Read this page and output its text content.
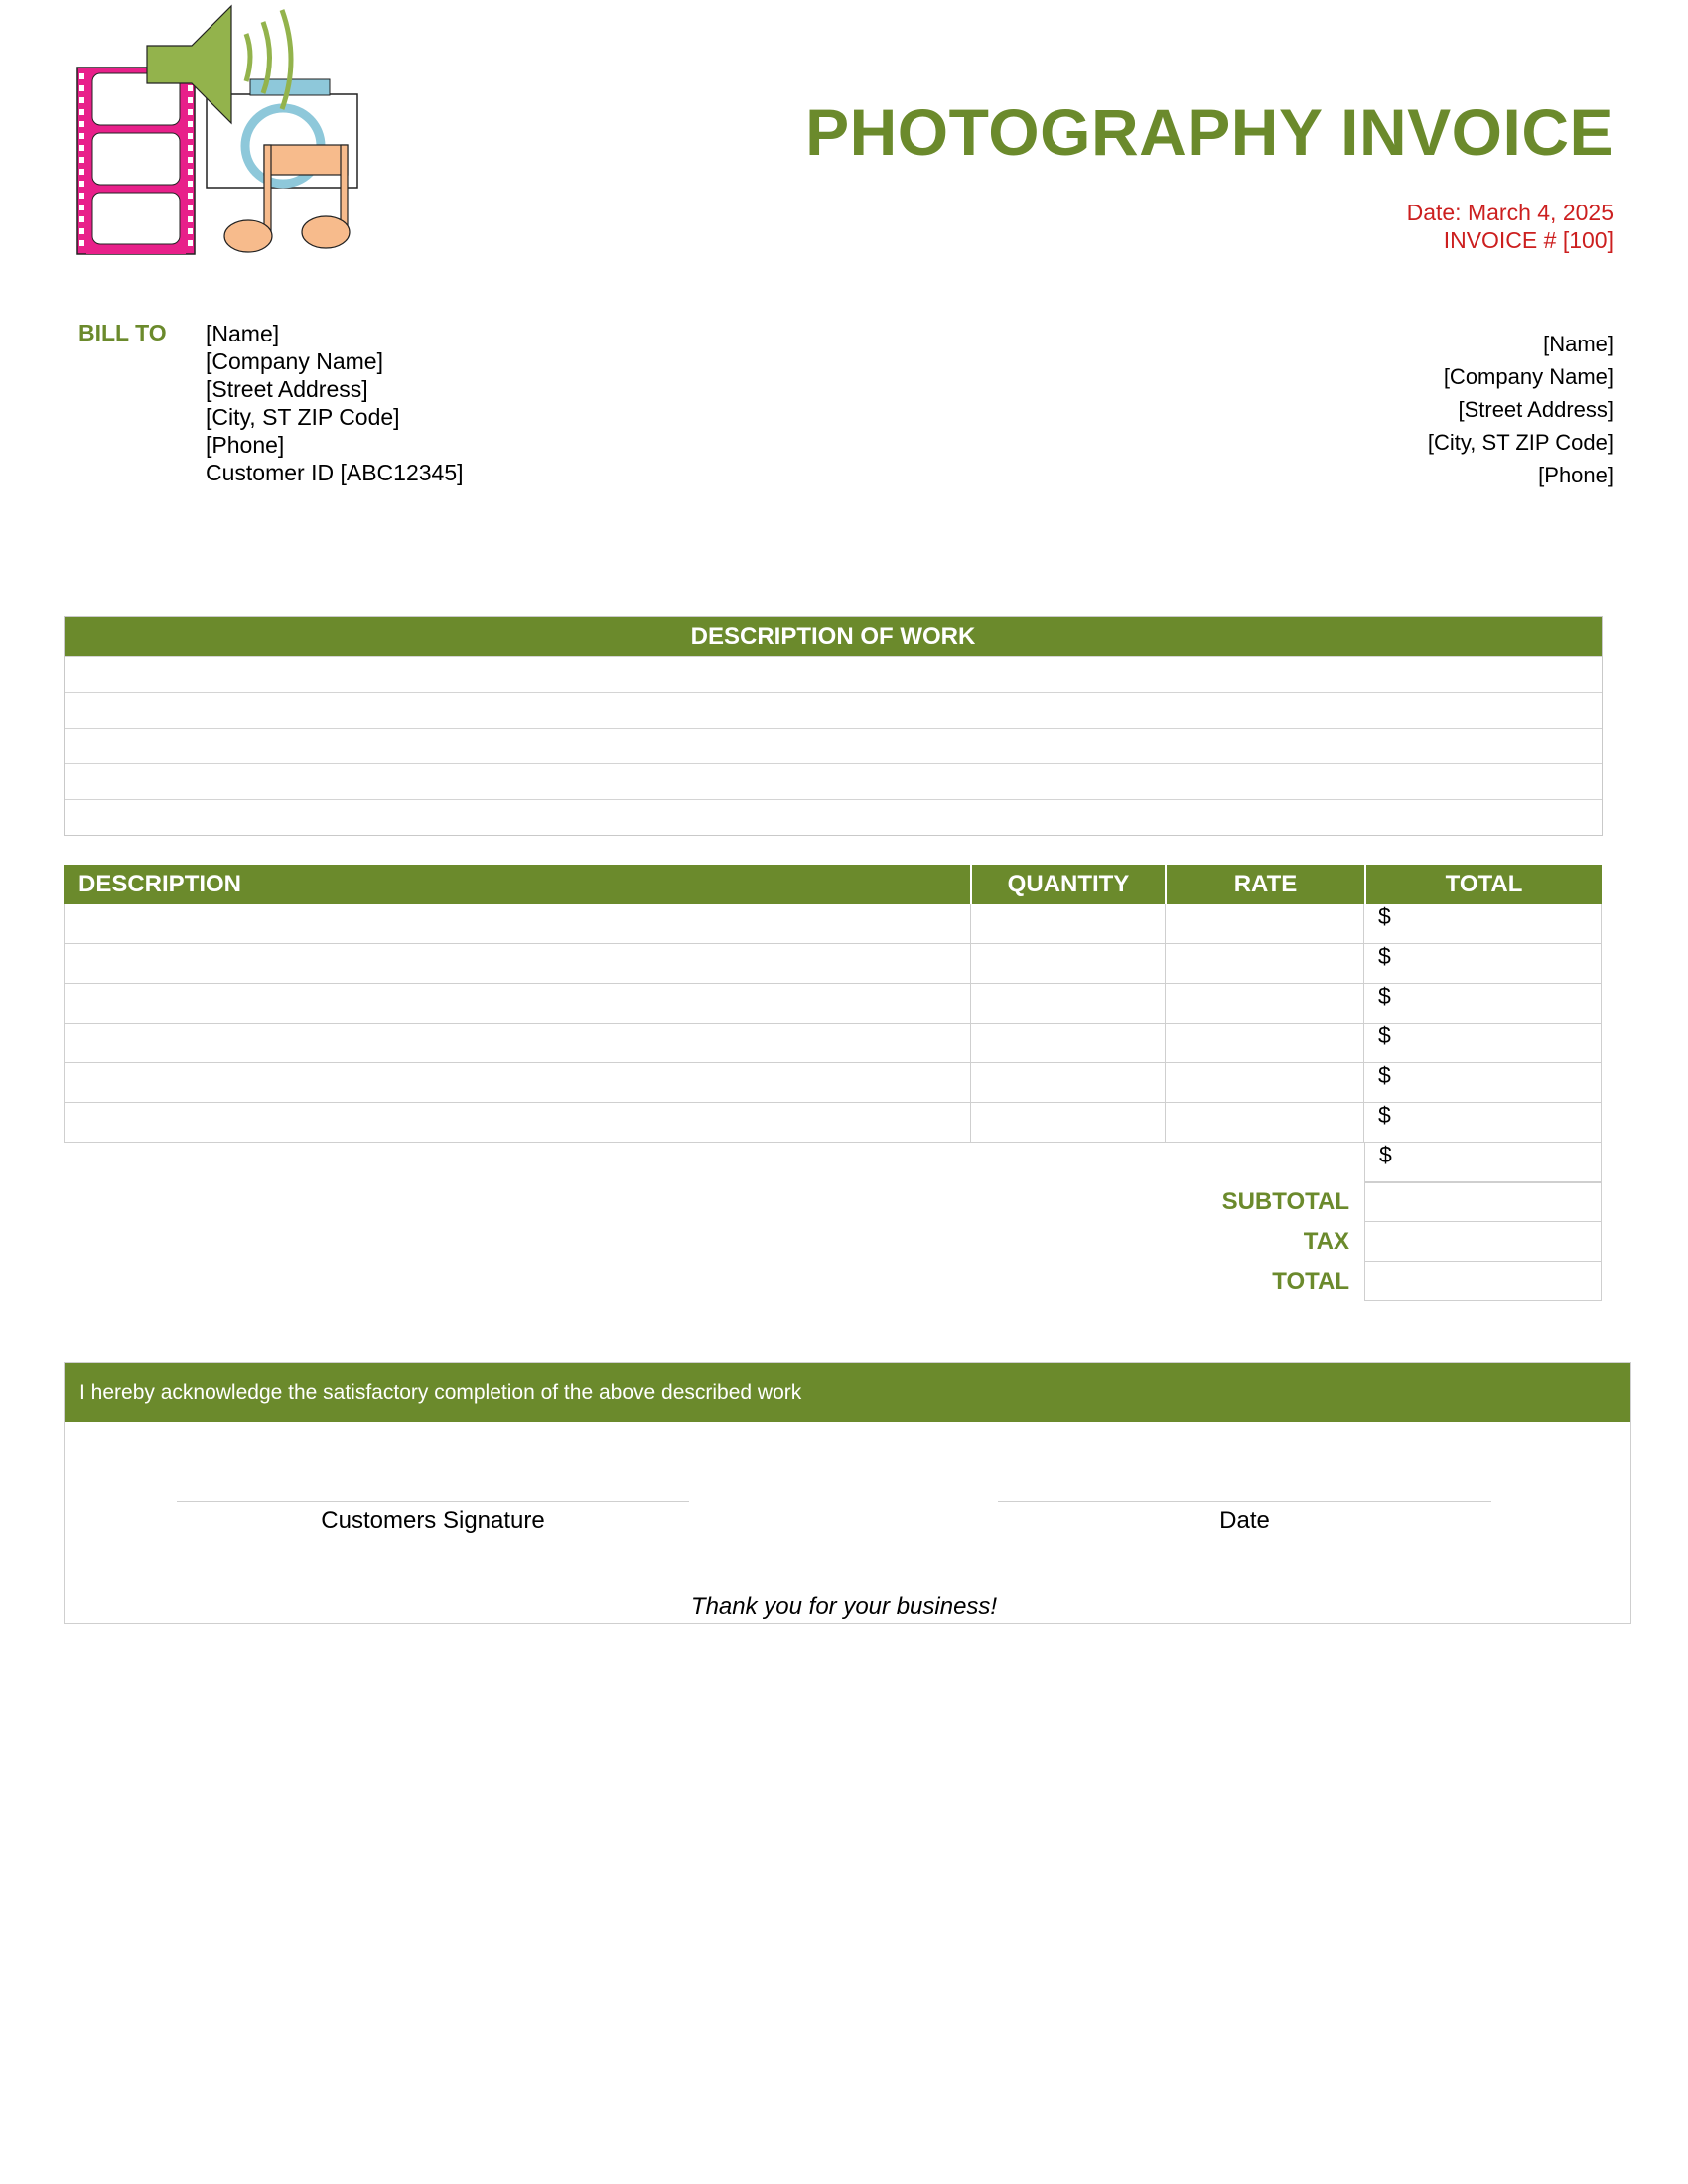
PHOTOGRAPHY INVOICE
Date: March 4, 2025
INVOICE # [100]
BILL TO [Name]
[Company Name]
[Street Address]
[City, ST ZIP Code]
[Phone]
Customer ID [ABC12345]
[Name]
[Company Name]
[Street Address]
[City, ST ZIP Code]
[Phone]
DESCRIPTION OF WORK
DESCRIPTION	QUANTITY	RATE	TOTAL
$
$
$
$
$
$
$
SUBTOTAL
TAX
TOTAL
I hereby acknowledge the satisfactory completion of the above described work
Customers Signature	Date
Thank you for your business!
